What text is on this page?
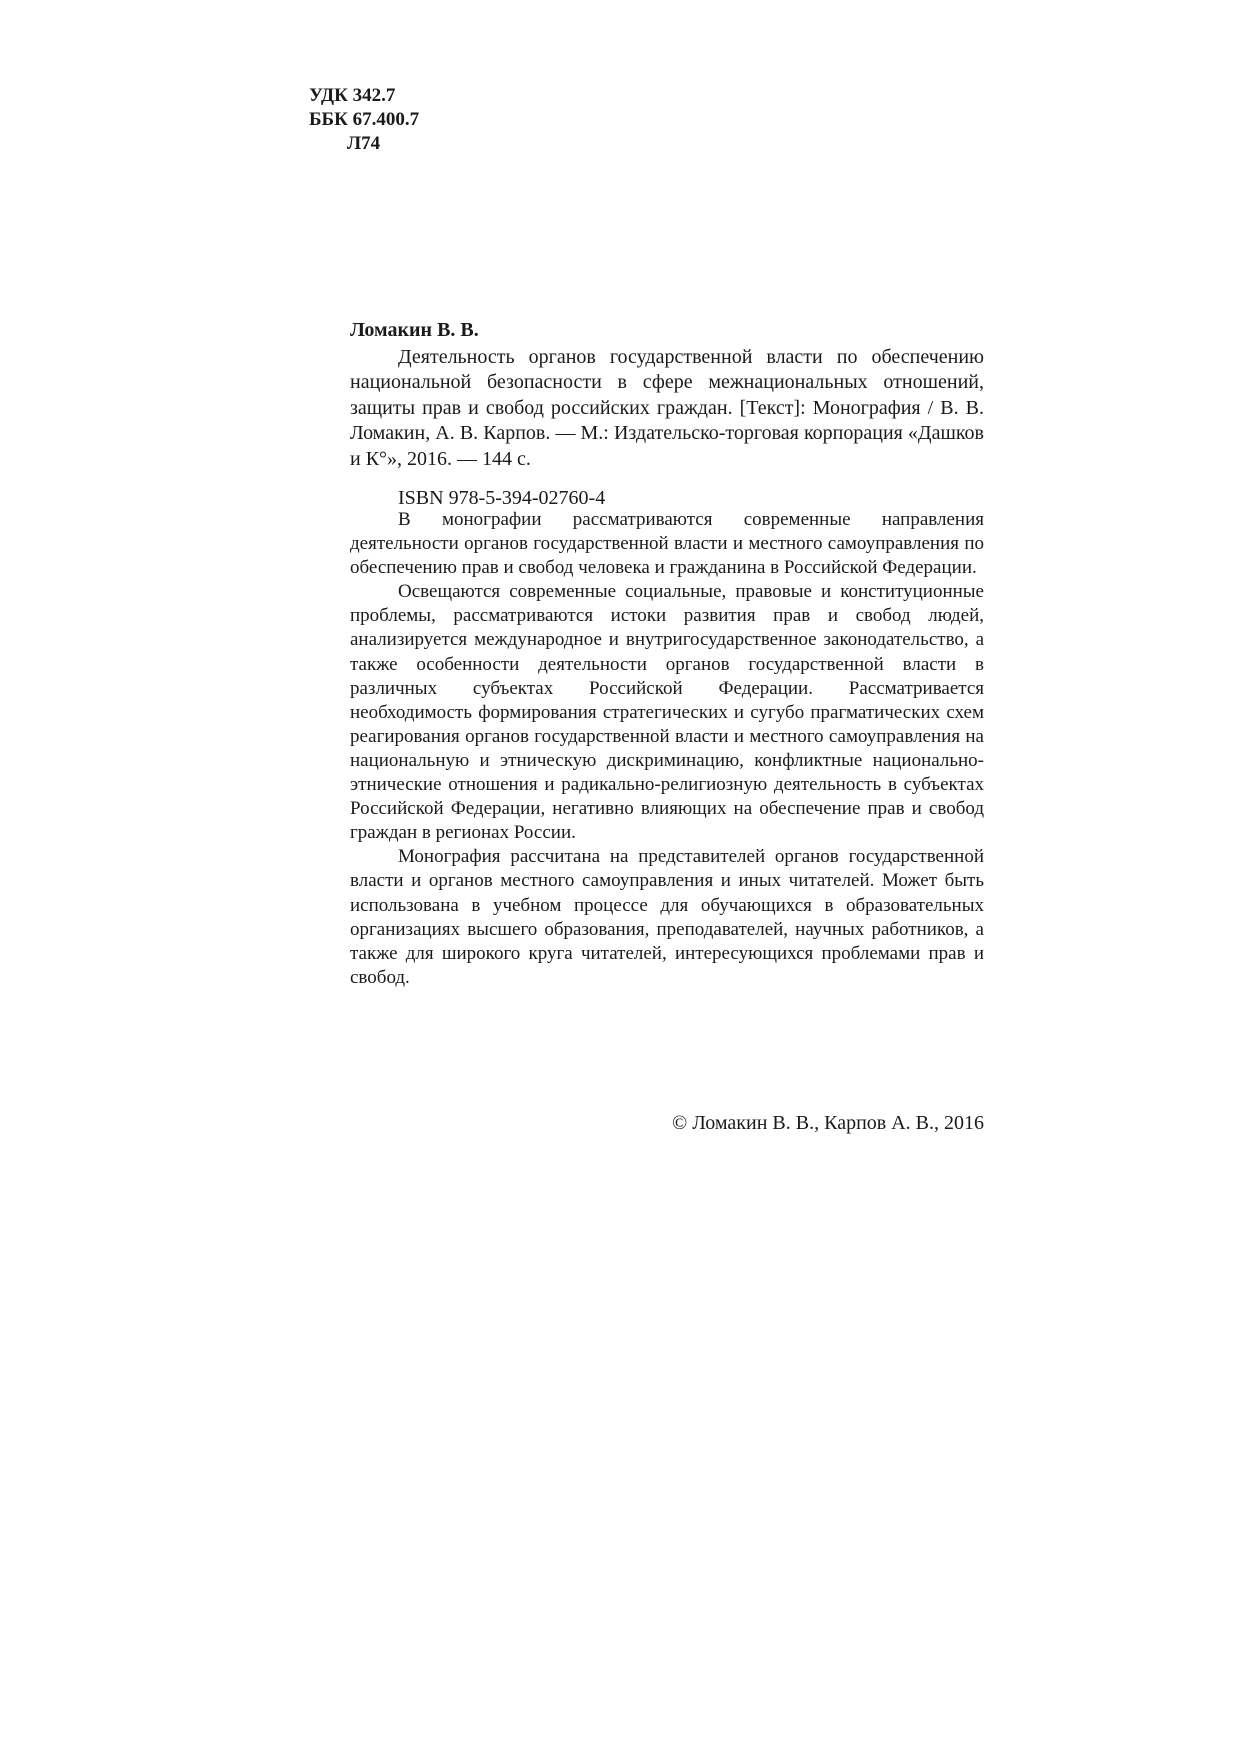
УДК 342.7
ББК 67.400.7
Л74
Ломакин В. В.

Деятельность органов государственной власти по обеспечению национальной безопасности в сфере межнациональных отношений, защиты прав и свобод российских граждан. [Текст]: Монография / В. В. Ломакин, А. В. Карпов. — М.: Издательско-торговая корпорация «Дашков и К°», 2016. — 144 с.

ISBN 978-5-394-02760-4

В монографии рассматриваются современные направления деятельности органов государственной власти и местного самоуправления по обеспечению прав и свобод человека и гражданина в Российской Федерации.

Освещаются современные социальные, правовые и конституционные проблемы, рассматриваются истоки развития прав и свобод людей, анализируется международное и внутригосударственное законодательство, а также особенности деятельности органов государственной власти в различных субъектах Российской Федерации. Рассматривается необходимость формирования стратегических и сугубо прагматических схем реагирования органов государственной власти и местного самоуправления на национальную и этническую дискриминацию, конфликтные национально-этнические отношения и радикально-религиозную деятельность в субъектах Российской Федерации, негативно влияющих на обеспечение прав и свобод граждан в регионах России.

Монография рассчитана на представителей органов государственной власти и органов местного самоуправления и иных читателей. Может быть использована в учебном процессе для обучающихся в образовательных организациях высшего образования, преподавателей, научных работников, а также для широкого круга читателей, интересующихся проблемами прав и свобод.

© Ломакин В. В., Карпов А. В., 2016
